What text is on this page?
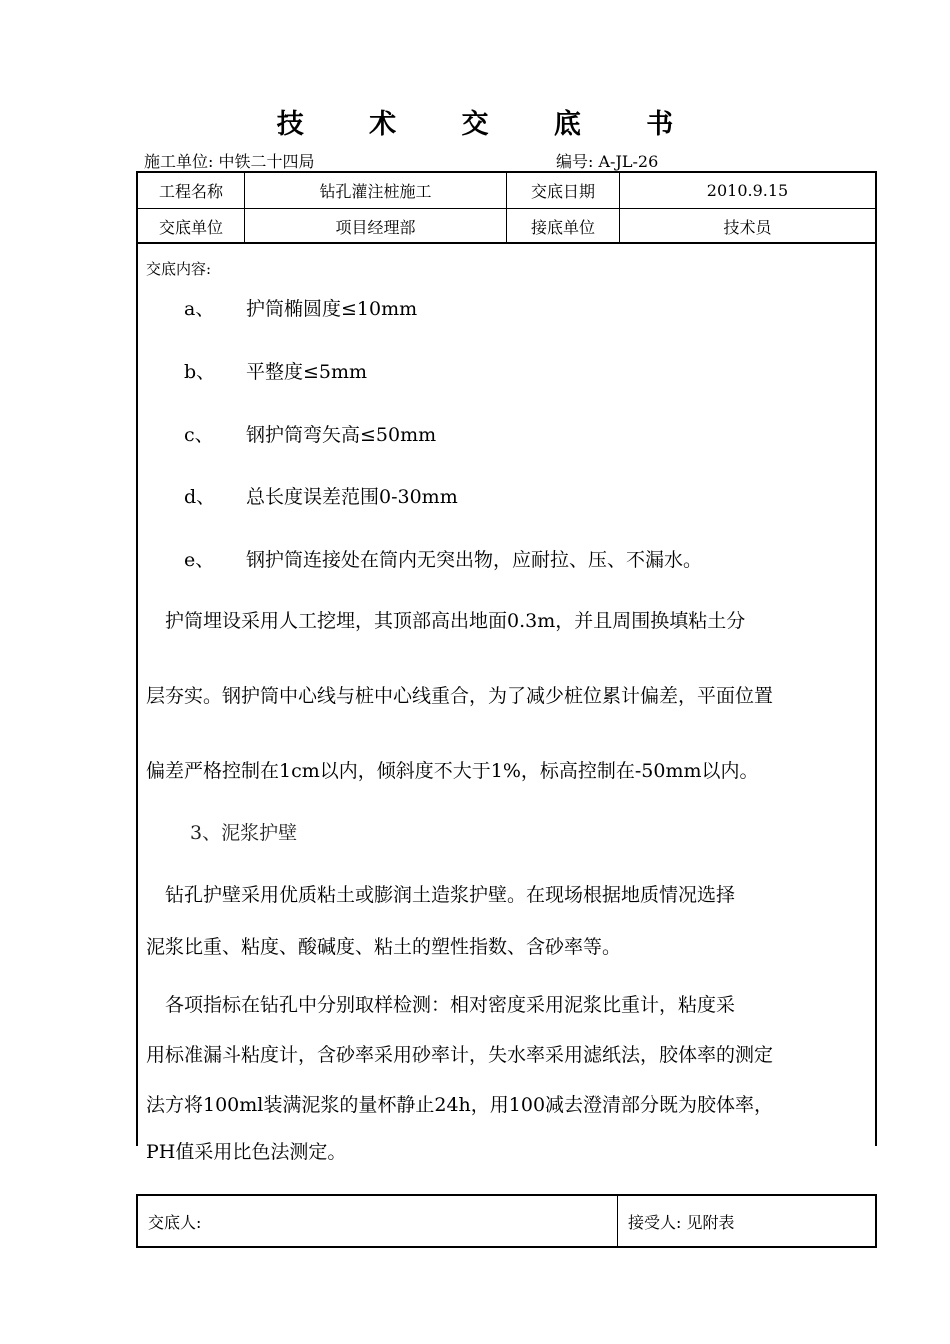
技 术 交 底 书
施工单位: 中铁二十四局	编号: A-JL-26
工程名称	钻孔灌注桩施工	交底日期	2010.9.15
交底单位	项目经理部	接底单位	技术员
交底内容:
a、 护筒椭圆度≤10mm
b、 平整度≤5mm
c、 钢护筒弯矢高≤50mm
d、 总长度误差范围0-30mm
e、 钢护筒连接处在筒内无突出物，应耐拉、压、不漏水。
　护筒埋设采用人工挖埋，其顶部高出地面0.3m，并且周围换填粘土分
层夯实。钢护筒中心线与桩中心线重合，为了减少桩位累计偏差，平面位置
偏差严格控制在1cm以内，倾斜度不大于1%，标高控制在-50mm以内。
3、泥浆护壁
　钻孔护壁采用优质粘土或膨润土造浆护壁。在现场根据地质情况选择
泥浆比重、粘度、酸碱度、粘土的塑性指数、含砂率等。
　各项指标在钻孔中分别取样检测：相对密度采用泥浆比重计，粘度采
用标准漏斗粘度计，含砂率采用砂率计，失水率采用滤纸法，胶体率的测定
法方将100ml装满泥浆的量杯静止24h，用100减去澄清部分既为胶体率，
PH值采用比色法测定。
交底人:	接受人: 见附表
